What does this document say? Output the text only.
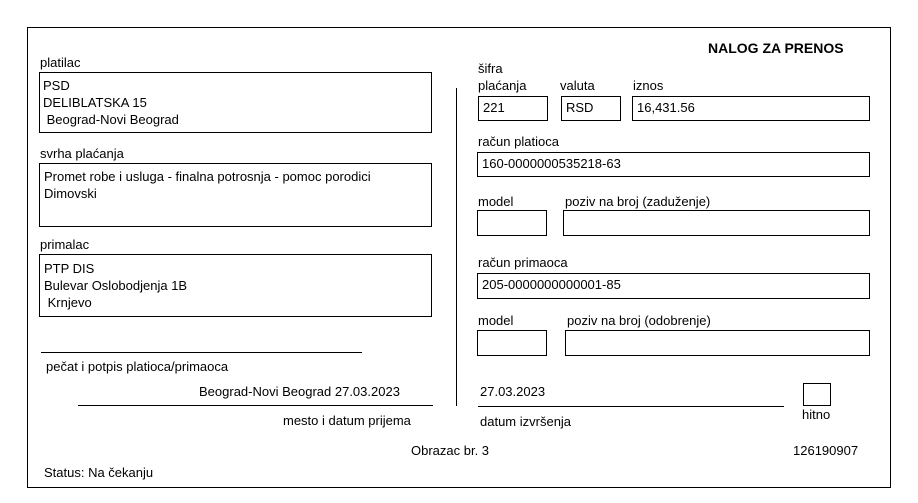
NALOG ZA PRENOS
platilac
PSD
DELIBLATSKA 15
Beograd-Novi Beograd
svrha plaćanja
Promet robe i usluga - finalna potrosnja - pomoc porodici
Dimovski
primalac
PTP DIS
Bulevar Oslobodjenja 1B
Krnjevo
pečat i potpis platioca/primaoca
Beograd-Novi Beograd 27.03.2023
mesto i datum prijema
šifra
plaćanja	valuta	iznos
221	RSD	16,431.56
račun platioca
160-0000000535218-63
model	poziv na broj (zaduženje)
račun primaoca
205-0000000000001-85
model	poziv na broj (odobrenje)
27.03.2023
datum izvršenja	hitno
Obrazac br. 3	126190907
Status: Na čekanju
